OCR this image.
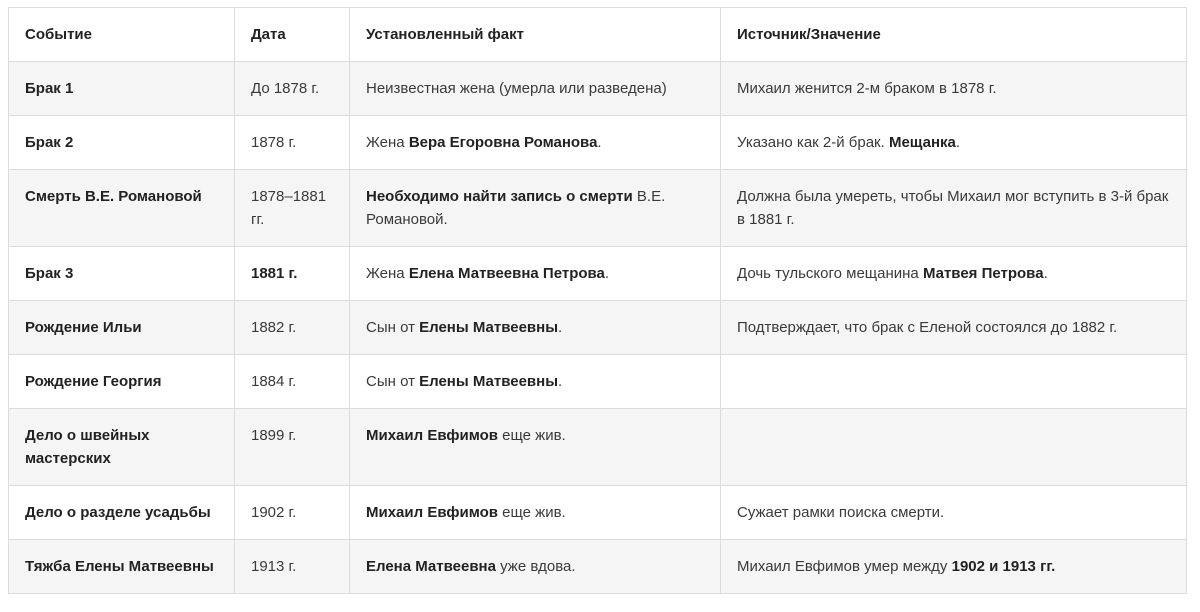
Событие	Дата	Установленный факт	Источник/Значение
Брак 1	До 1878 г.	Неизвестная жена (умерла или разведена)	Михаил женится 2-м браком в 1878 г.
Брак 2	1878 г.	Жена Вера Егоровна Романова.	Указано как 2-й брак. Мещанка.
Смерть В.Е. Романовой	1878–1881 гг.	Необходимо найти запись о смерти В.Е. Романовой.	Должна была умереть, чтобы Михаил мог вступить в 3-й брак в 1881 г.
Брак 3	1881 г.	Жена Елена Матвеевна Петрова.	Дочь тульского мещанина Матвея Петрова.
Рождение Ильи	1882 г.	Сын от Елены Матвеевны.	Подтверждает, что брак с Еленой состоялся до 1882 г.
Рождение Георгия	1884 г.	Сын от Елены Матвеевны.	
Дело о швейных мастерских	1899 г.	Михаил Евфимов еще жив.	
Дело о разделе усадьбы	1902 г.	Михаил Евфимов еще жив.	Сужает рамки поиска смерти.
Тяжба Елены Матвеевны	1913 г.	Елена Матвеевна уже вдова.	Михаил Евфимов умер между 1902 и 1913 гг.
